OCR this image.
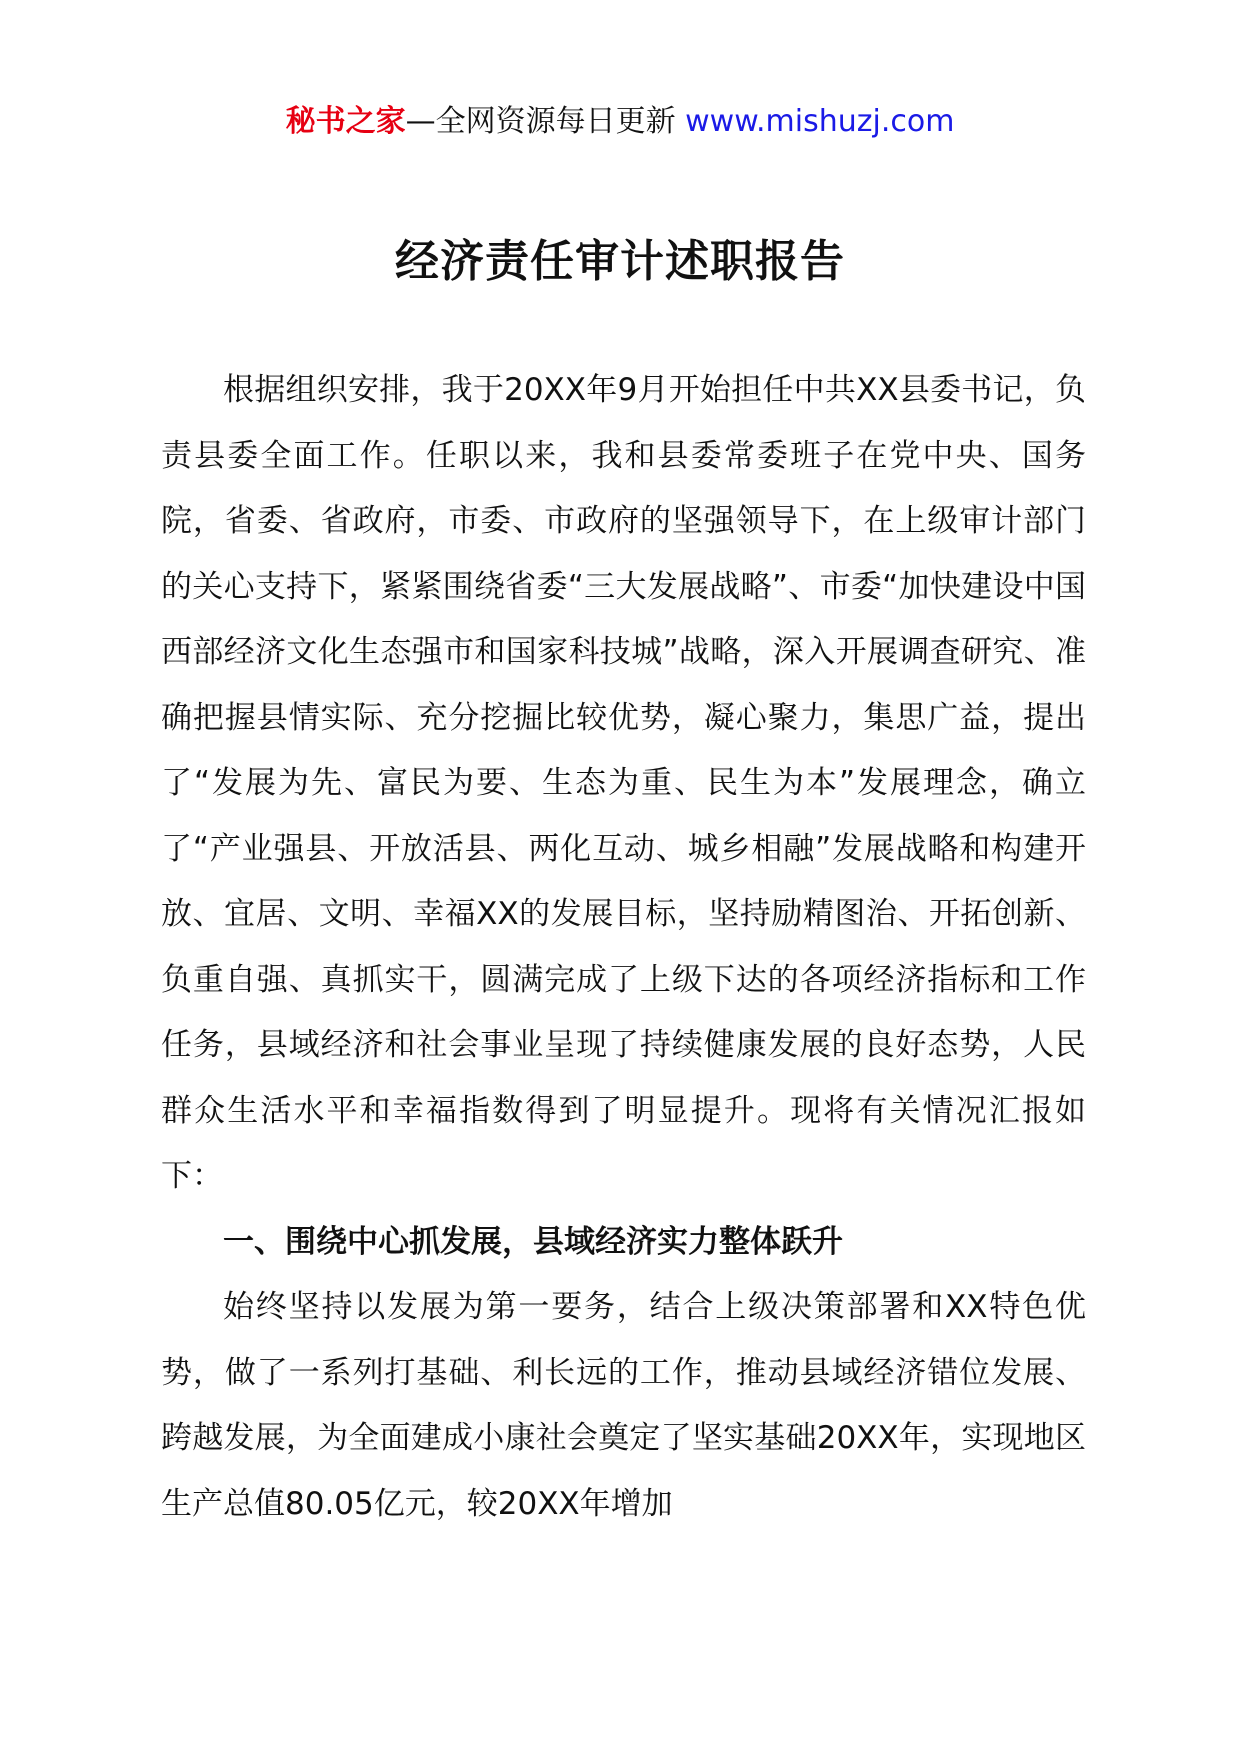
秘书之家—全网资源每日更新 www.mishuzj.com
经济责任审计述职报告

根据组织安排，我于20XX年9月开始担任中共XX县委书记，负责县委全面工作。任职以来，我和县委常委班子在党中央、国务院，省委、省政府，市委、市政府的坚强领导下，在上级审计部门的关心支持下，紧紧围绕省委“三大发展战略”、市委“加快建设中国西部经济文化生态强市和国家科技城”战略，深入开展调查研究、准确把握县情实际、充分挖掘比较优势，凝心聚力，集思广益，提出了“发展为先、富民为要、生态为重、民生为本”发展理念，确立了“产业强县、开放活县、两化互动、城乡相融”发展战略和构建开放、宜居、文明、幸福XX的发展目标，坚持励精图治、开拓创新、负重自强、真抓实干，圆满完成了上级下达的各项经济指标和工作任务，县域经济和社会事业呈现了持续健康发展的良好态势，人民群众生活水平和幸福指数得到了明显提升。现将有关情况汇报如下：

一、围绕中心抓发展，县域经济实力整体跃升

始终坚持以发展为第一要务，结合上级决策部署和XX特色优势，做了一系列打基础、利长远的工作，推动县域经济错位发展、跨越发展，为全面建成小康社会奠定了坚实基础20XX年，实现地区生产总值80.05亿元，较20XX年增加
